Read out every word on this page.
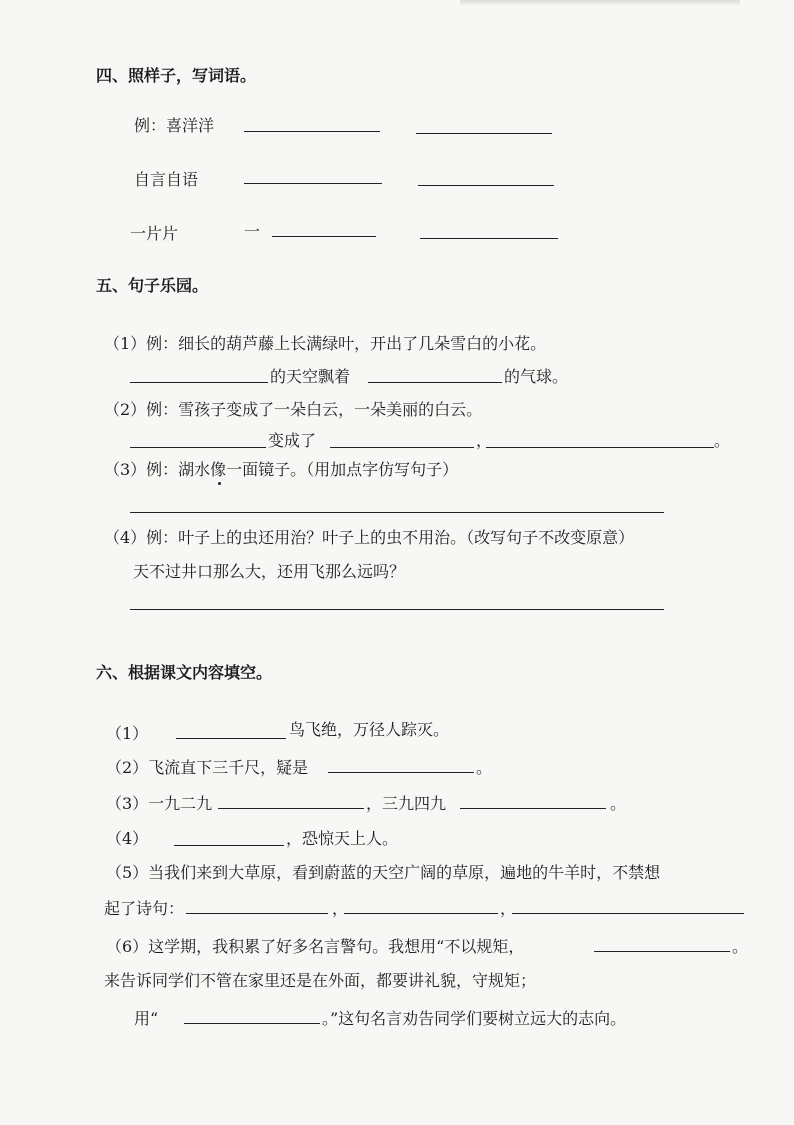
四、照样子，写词语。
例：喜洋洋
自言自语
一片片	一
五、句子乐园。
（1）例：细长的葫芦藤上长满绿叶，开出了几朵雪白的小花。
的天空飘着	的气球。
（2）例：雪孩子变成了一朵白云，一朵美丽的白云。
变成了	，	。
（3）例：湖水像一面镜子。（用加点字仿写句子）
（4）例：叶子上的虫还用治？叶子上的虫不用治。（改写句子不改变原意）
天不过井口那么大，还用飞那么远吗？
六、根据课文内容填空。
（1）	鸟飞绝，万径人踪灭。
（2）飞流直下三千尺，疑是	。
（3）一九二九	，三九四九	。
（4）	，恐惊天上人。
（5）当我们来到大草原，看到蔚蓝的天空广阔的草原，遍地的牛羊时，不禁想
起了诗句：	，	，
（6）这学期，我积累了好多名言警句。我想用“不以规矩，	。
来告诉同学们不管在家里还是在外面，都要讲礼貌，守规矩；
用“	。”这句名言劝告同学们要树立远大的志向。
